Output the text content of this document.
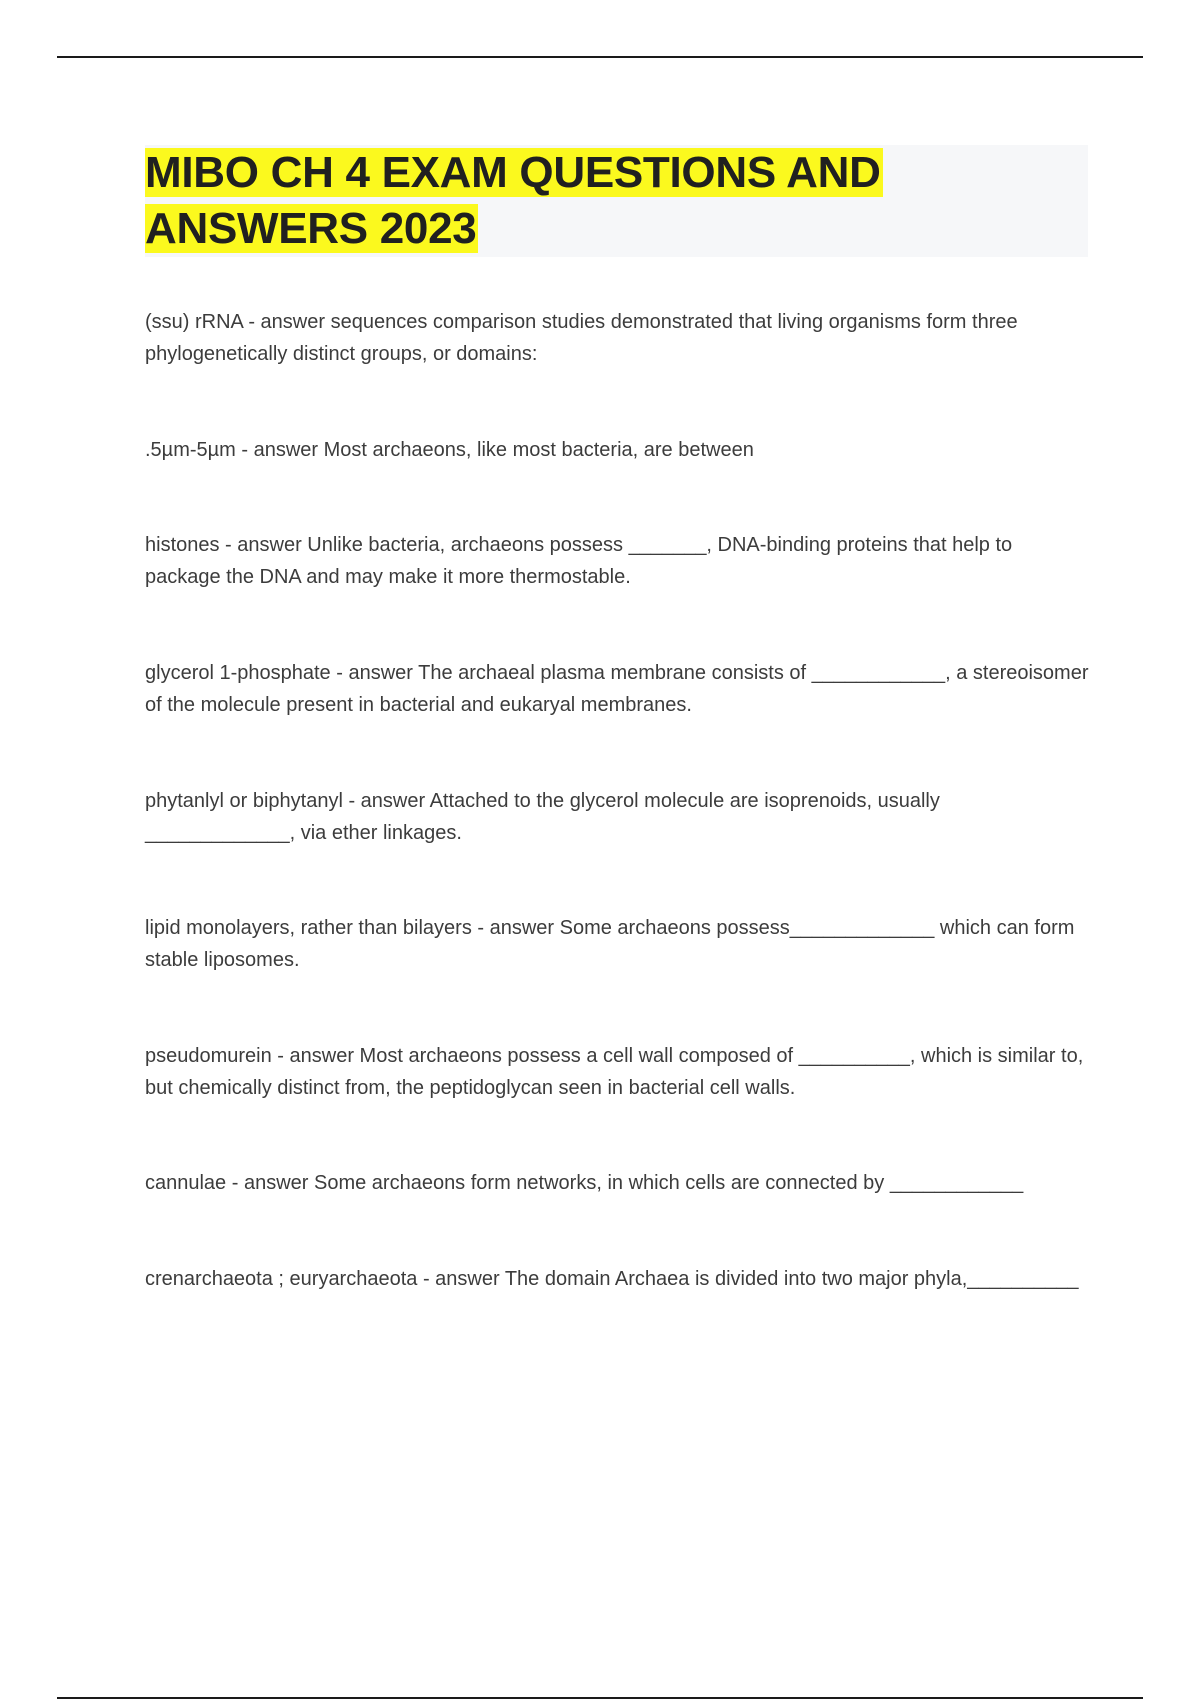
MIBO CH 4 EXAM QUESTIONS AND
ANSWERS 2023

(ssu) rRNA - answer sequences comparison studies demonstrated that living organisms form three phylogenetically distinct groups, or domains:

.5µm-5µm - answer Most archaeons, like most bacteria, are between

histones - answer Unlike bacteria, archaeons possess _______, DNA-binding proteins that help to package the DNA and may make it more thermostable.

glycerol 1-phosphate - answer The archaeal plasma membrane consists of ____________, a stereoisomer of the molecule present in bacterial and eukaryal membranes.

phytanlyl or biphytanyl - answer Attached to the glycerol molecule are isoprenoids, usually _____________, via ether linkages.

lipid monolayers, rather than bilayers - answer Some archaeons possess_____________ which can form stable liposomes.

pseudomurein - answer Most archaeons possess a cell wall composed of __________, which is similar to, but chemically distinct from, the peptidoglycan seen in bacterial cell walls.

cannulae - answer Some archaeons form networks, in which cells are connected by ____________

crenarchaeota ; euryarchaeota - answer The domain Archaea is divided into two major phyla,__________
